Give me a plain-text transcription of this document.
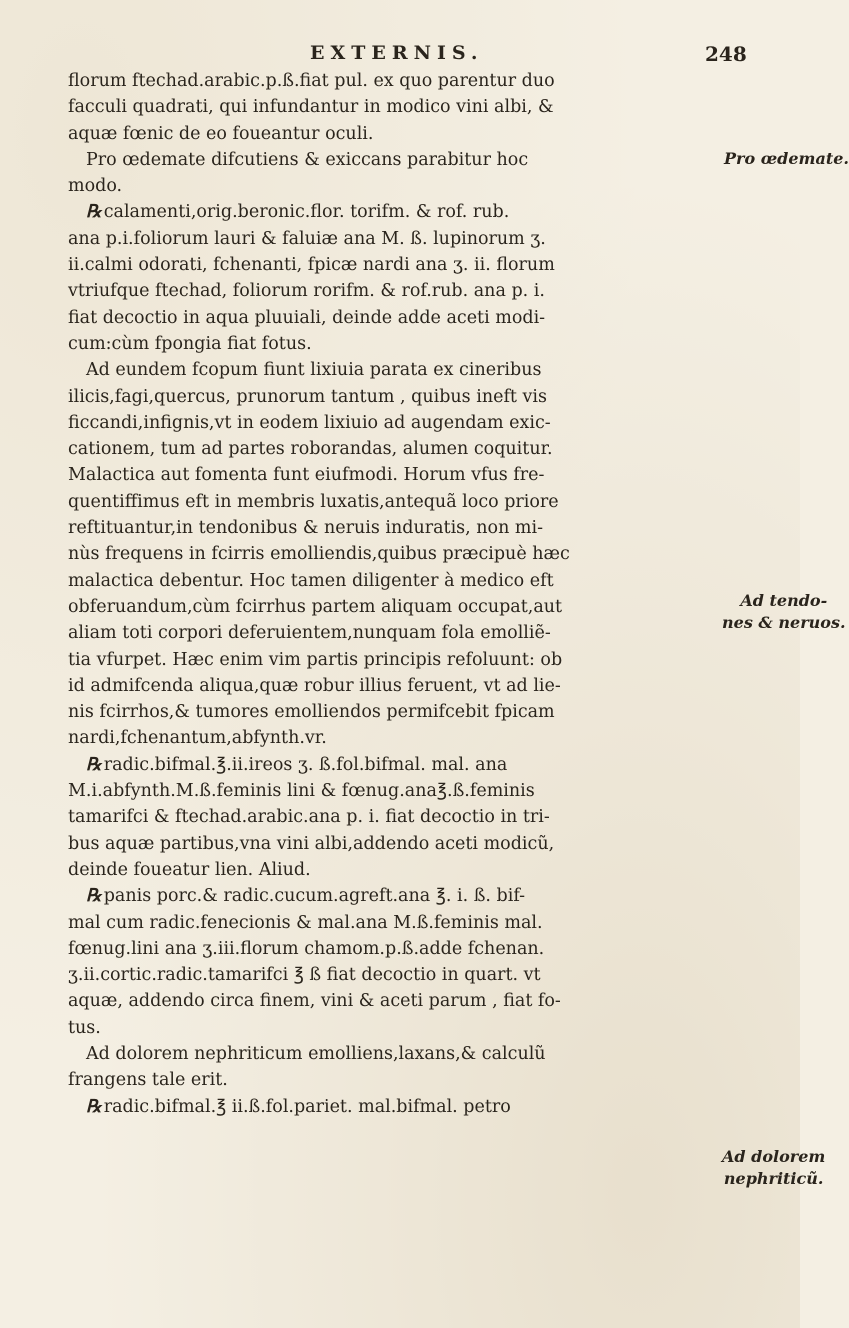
EXTERNIS.	248
florum ftechad.arabic.p.ß.fiat pul. ex quo parentur duo
facculi quadrati, qui infundantur in modico vini albi, &
aquæ fœnic de eo foueantur oculi.
Pro œdemate difcutiens & exiccans parabitur hoc
modo.
℞ calamenti,orig.beronic.flor. torifm. & rof. rub.
ana p.i.foliorum lauri & faluiæ ana M. ß. lupinorum ʒ.
ii.calmi odorati, fchenanti, fpicæ nardi ana ʒ. ii. florum
vtriufque ftechad, foliorum rorifm. & rof.rub. ana p. i.
fiat decoctio in aqua pluuiali, deinde adde aceti modi-
cum:cùm fpongia fiat fotus.
Ad eundem fcopum fiunt lixiuia parata ex cineribus
ilicis,fagi,quercus, prunorum tantum , quibus ineft vis
ficcandi,infignis,vt in eodem lixiuio ad augendam exic-
cationem, tum ad partes roborandas, alumen coquitur.
Malactica aut fomenta funt eiufmodi. Horum vfus fre-
quentiffimus eft in membris luxatis,antequã loco priore
reftituantur,in tendonibus & neruis induratis, non mi-
nùs frequens in fcirris emolliendis,quibus præcipuè hæc
malactica debentur. Hoc tamen diligenter à medico eft
obferuandum,cùm fcirrhus partem aliquam occupat,aut
aliam toti corpori deferuientem,nunquam fola emolliẽ-
tia vfurpet. Hæc enim vim partis principis refoluunt: ob
id admifcenda aliqua,quæ robur illius feruent, vt ad lie-
nis fcirrhos,& tumores emolliendos permifcebit fpicam
nardi,fchenantum,abfynth.vr.
℞ radic.bifmal.℥.ii.ireos ʒ. ß.fol.bifmal. mal. ana
M.i.abfynth.M.ß.feminis lini & fœnug.ana℥.ß.feminis
tamarifci & ftechad.arabic.ana p. i. fiat decoctio in tri-
bus aquæ partibus,vna vini albi,addendo aceti modicũ,
deinde foueatur lien. Aliud.
℞ panis porc.& radic.cucum.agreft.ana ℥. i. ß. bif-
mal cum radic.fenecionis & mal.ana M.ß.feminis mal.
fœnug.lini ana ʒ.iii.florum chamom.p.ß.adde fchenan.
ʒ.ii.cortic.radic.tamarifci ℥ ß fiat decoctio in quart. vt
aquæ, addendo circa finem, vini & aceti parum , fiat fo-
tus.
Ad dolorem nephriticum emolliens,laxans,& calculũ
frangens tale erit.
℞ radic.bifmal.℥ ii.ß.fol.pariet. mal.bifmal. petro
Pro œdemate.
Ad tendo-
nes & neruos.
Ad dolorem
nephriticũ.
